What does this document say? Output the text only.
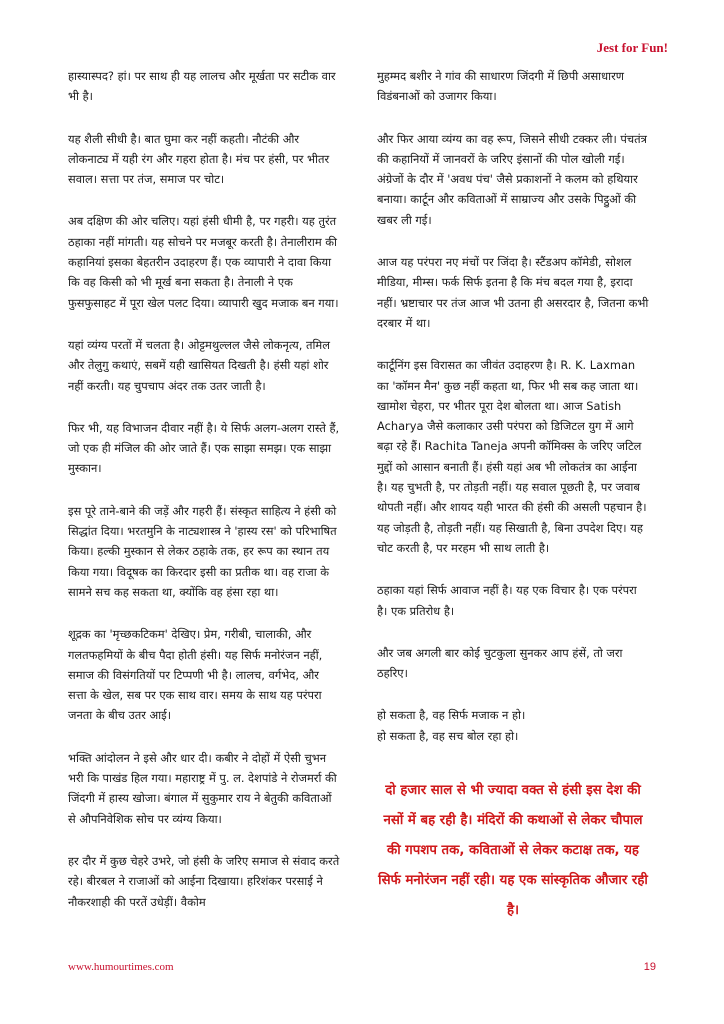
Jest for Fun!

हास्यास्पद? हां। पर साथ ही यह लालच और मूर्खता पर सटीक वार भी है।

यह शैली सीधी है। बात घुमा कर नहीं कहती। नौटंकी और लोकनाट्य में यही रंग और गहरा होता है। मंच पर हंसी, पर भीतर सवाल। सत्ता पर तंज, समाज पर चोट।

अब दक्षिण की ओर चलिए। यहां हंसी धीमी है, पर गहरी। यह तुरंत ठहाका नहीं मांगती। यह सोचने पर मजबूर करती है। तेनालीराम की कहानियां इसका बेहतरीन उदाहरण हैं। एक व्यापारी ने दावा किया कि वह किसी को भी मूर्ख बना सकता है। तेनाली ने एक फुसफुसाहट में पूरा खेल पलट दिया। व्यापारी खुद मजाक बन गया।

यहां व्यंग्य परतों में चलता है। ओट्टमथुल्लल जैसे लोकनृत्य, तमिल और तेलुगु कथाएं, सबमें यही खासियत दिखती है। हंसी यहां शोर नहीं करती। यह चुपचाप अंदर तक उतर जाती है।

फिर भी, यह विभाजन दीवार नहीं है। ये सिर्फ अलग-अलग रास्ते हैं, जो एक ही मंजिल की ओर जाते हैं। एक साझा समझ। एक साझा मुस्कान।

इस पूरे ताने-बाने की जड़ें और गहरी हैं। संस्कृत साहित्य ने हंसी को सिद्धांत दिया। भरतमुनि के नाट्यशास्त्र ने 'हास्य रस' को परिभाषित किया। हल्की मुस्कान से लेकर ठहाके तक, हर रूप का स्थान तय किया गया। विदूषक का किरदार इसी का प्रतीक था। वह राजा के सामने सच कह सकता था, क्योंकि वह हंसा रहा था।

शूद्रक का 'मृच्छकटिकम' देखिए। प्रेम, गरीबी, चालाकी, और गलतफहमियों के बीच पैदा होती हंसी। यह सिर्फ मनोरंजन नहीं, समाज की विसंगतियों पर टिप्पणी भी है। लालच, वर्गभेद, और सत्ता के खेल, सब पर एक साथ वार। समय के साथ यह परंपरा जनता के बीच उतर आई।

भक्ति आंदोलन ने इसे और धार दी। कबीर ने दोहों में ऐसी चुभन भरी कि पाखंड हिल गया। महाराष्ट्र में पु. ल. देशपांडे ने रोजमर्रा की जिंदगी में हास्य खोजा। बंगाल में सुकुमार राय ने बेतुकी कविताओं से औपनिवेशिक सोच पर व्यंग्य किया।

हर दौर में कुछ चेहरे उभरे, जो हंसी के जरिए समाज से संवाद करते रहे। बीरबल ने राजाओं को आईना दिखाया। हरिशंकर परसाई ने नौकरशाही की परतें उधेड़ीं। वैकोम

मुहम्मद बशीर ने गांव की साधारण जिंदगी में छिपी असाधारण विडंबनाओं को उजागर किया।

और फिर आया व्यंग्य का वह रूप, जिसने सीधी टक्कर ली। पंचतंत्र की कहानियों में जानवरों के जरिए इंसानों की पोल खोली गई। अंग्रेजों के दौर में 'अवध पंच' जैसे प्रकाशनों ने कलम को हथियार बनाया। कार्टून और कविताओं में साम्राज्य और उसके पिट्ठुओं की खबर ली गई।

आज यह परंपरा नए मंचों पर जिंदा है। स्टैंडअप कॉमेडी, सोशल मीडिया, मीम्स। फर्क सिर्फ इतना है कि मंच बदल गया है, इरादा नहीं। भ्रष्टाचार पर तंज आज भी उतना ही असरदार है, जितना कभी दरबार में था।

कार्टूनिंग इस विरासत का जीवंत उदाहरण है। R. K. Laxman का 'कॉमन मैन' कुछ नहीं कहता था, फिर भी सब कह जाता था। खामोश चेहरा, पर भीतर पूरा देश बोलता था। आज Satish Acharya जैसे कलाकार उसी परंपरा को डिजिटल युग में आगे बढ़ा रहे हैं। Rachita Taneja अपनी कॉमिक्स के जरिए जटिल मुद्दों को आसान बनाती हैं। हंसी यहां अब भी लोकतंत्र का आईना है। यह चुभती है, पर तोड़ती नहीं। यह सवाल पूछती है, पर जवाब थोपती नहीं। और शायद यही भारत की हंसी की असली पहचान है। यह जोड़ती है, तोड़ती नहीं। यह सिखाती है, बिना उपदेश दिए। यह चोट करती है, पर मरहम भी साथ लाती है।

ठहाका यहां सिर्फ आवाज नहीं है। यह एक विचार है। एक परंपरा है। एक प्रतिरोध है।

और जब अगली बार कोई चुटकुला सुनकर आप हंसें, तो जरा ठहरिए।

हो सकता है, वह सिर्फ मजाक न हो।
हो सकता है, वह सच बोल रहा हो।

दो हजार साल से भी ज्यादा वक्त से हंसी इस देश की नसों में बह रही है। मंदिरों की कथाओं से लेकर चौपाल की गपशप तक, कविताओं से लेकर कटाक्ष तक, यह सिर्फ मनोरंजन नहीं रही। यह एक सांस्कृतिक औजार रही है।
www.humourtimes.com	19
